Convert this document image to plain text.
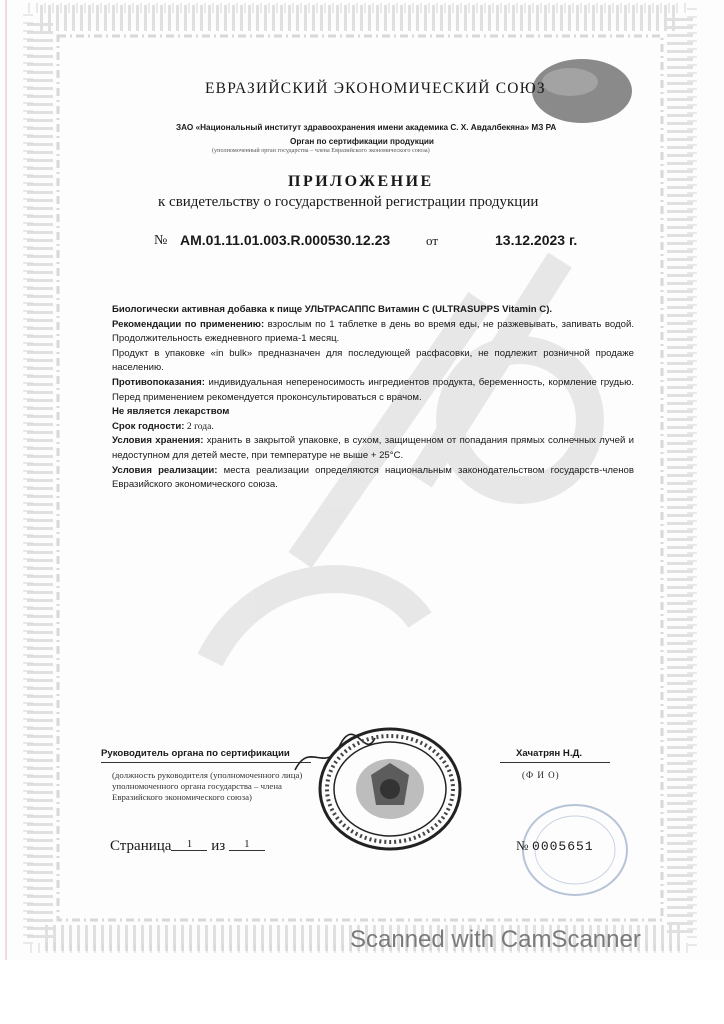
ЕВРАЗИЙСКИЙ ЭКОНОМИЧЕСКИЙ СОЮЗ
ЗАО «Национальный институт здравоохранения имени академика С. Х. Авдалбекяна» МЗ РА
Орган по сертификации продукции
(уполномоченный орган государства – члена Евразийского экономического союза)
ПРИЛОЖЕНИЕ
к свидетельству о государственной регистрации продукции
№ AM.01.11.01.003.R.000530.12.23	от	13.12.2023 г.

Биологически активная добавка к пище УЛЬТРАСАППС Витамин С (ULTRASUPPS Vitamin C).

Рекомендации по применению: взрослым по 1 таблетке в день во время еды, не разжевывать, запивать водой. Продолжительность ежедневного приема-1 месяц.

Продукт в упаковке «in bulk» предназначен для последующей расфасовки, не подлежит розничной продаже населению.

Противопоказания: индивидуальная непереносимость ингредиентов продукта, беременность, кормление грудью. Перед применением рекомендуется проконсультироваться с врачом.

Не является лекарством

Срок годности: 2 года.

Условия хранения: хранить в закрытой упаковке, в сухом, защищенном от попадания прямых солнечных лучей и недоступном для детей месте, при температуре не выше + 25°С.

Условия реализации: места реализации определяются национальным законодательством государств-членов Евразийского экономического союза.

Руководитель органа по сертификации	Хачатрян Н.Д.
(Ф И О)
(должность руководителя (уполномоченного лица) уполномоченного органа государства – члена Евразийского экономического союза)
Страница 1 из 1	№ 0005651
Scanned with CamScanner
